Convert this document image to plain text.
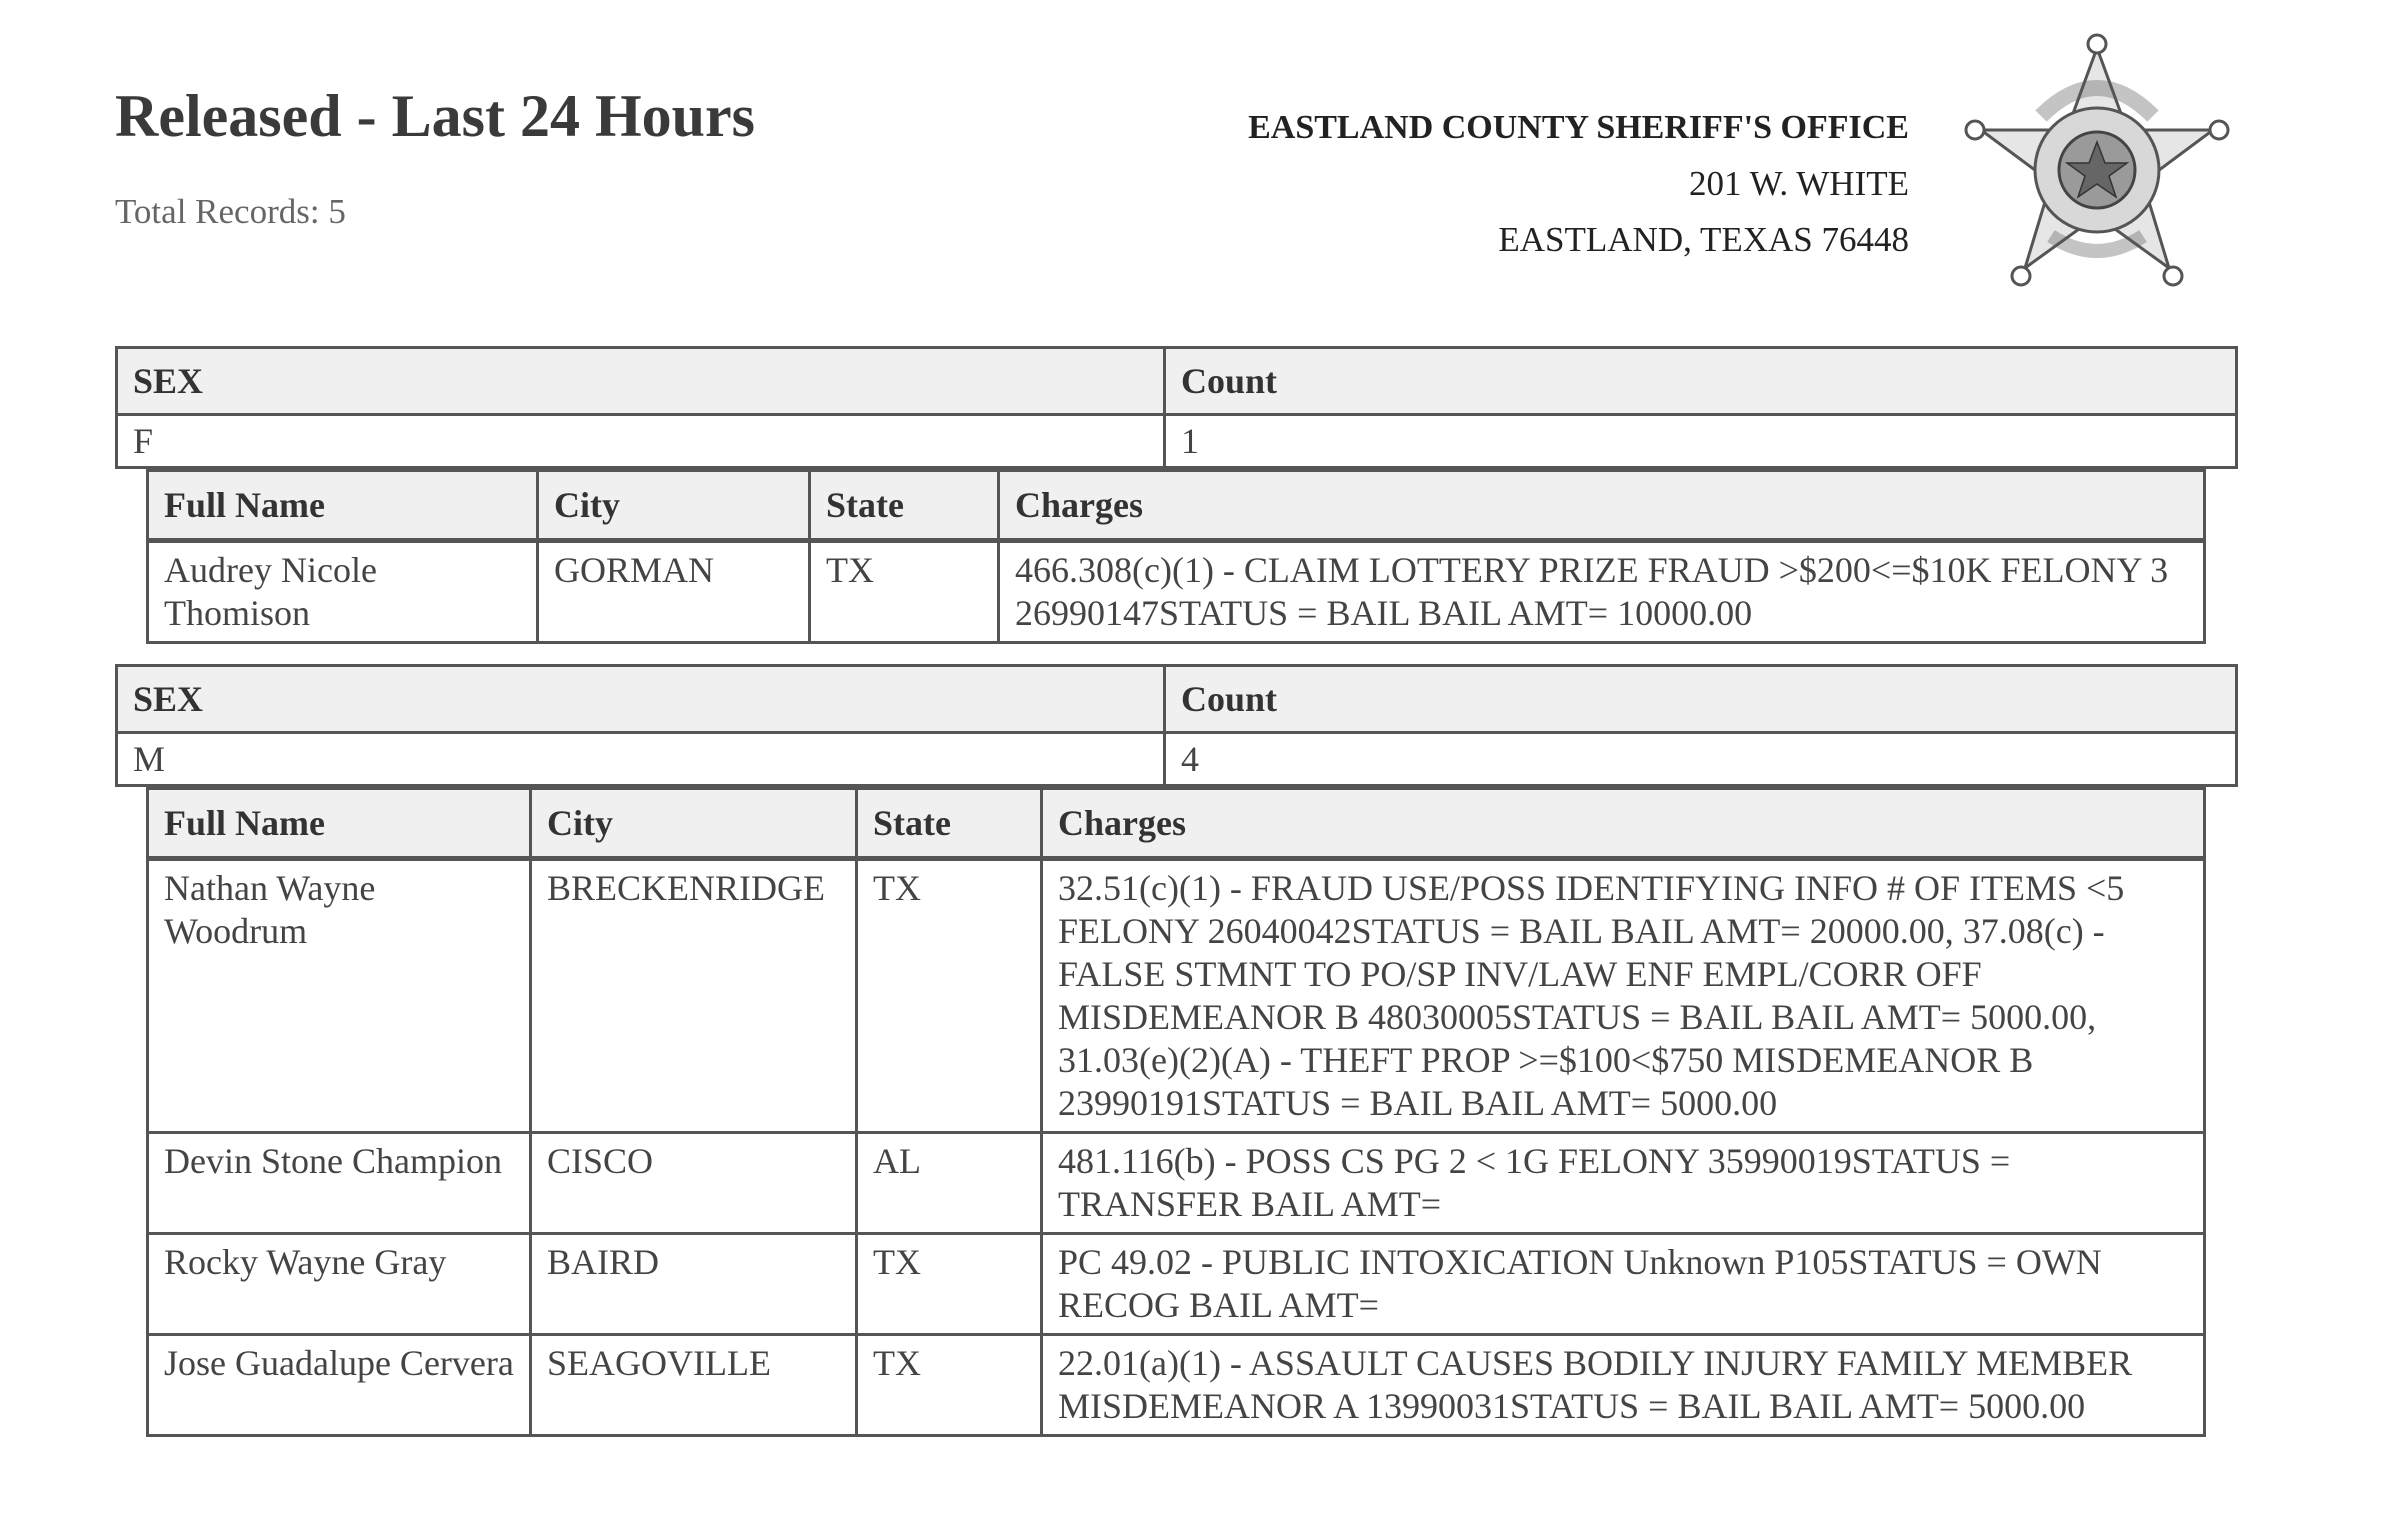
Released - Last 24 Hours
Total Records: 5
EASTLAND COUNTY SHERIFF'S OFFICE
201 W. WHITE
EASTLAND, TEXAS 76448
SEX	Count
F	1
Full Name	City	State	Charges
Audrey Nicole Thomison	GORMAN	TX	466.308(c)(1) - CLAIM LOTTERY PRIZE FRAUD >$200<=$10K FELONY 3 26990147STATUS = BAIL BAIL AMT= 10000.00
SEX	Count
M	4
Full Name	City	State	Charges
Nathan Wayne Woodrum	BRECKENRIDGE	TX	32.51(c)(1) - FRAUD USE/POSS IDENTIFYING INFO # OF ITEMS <5 FELONY 26040042STATUS = BAIL BAIL AMT= 20000.00, 37.08(c) - FALSE STMNT TO PO/SP INV/LAW ENF EMPL/CORR OFF MISDEMEANOR B 48030005STATUS = BAIL BAIL AMT= 5000.00, 31.03(e)(2)(A) - THEFT PROP >=$100<$750 MISDEMEANOR B 23990191STATUS = BAIL BAIL AMT= 5000.00
Devin Stone Champion	CISCO	AL	481.116(b) - POSS CS PG 2 < 1G FELONY 35990019STATUS = TRANSFER BAIL AMT=
Rocky Wayne Gray	BAIRD	TX	PC 49.02 - PUBLIC INTOXICATION Unknown P105STATUS = OWN RECOG BAIL AMT=
Jose Guadalupe Cervera	SEAGOVILLE	TX	22.01(a)(1) - ASSAULT CAUSES BODILY INJURY FAMILY MEMBER MISDEMEANOR A 13990031STATUS = BAIL BAIL AMT= 5000.00
